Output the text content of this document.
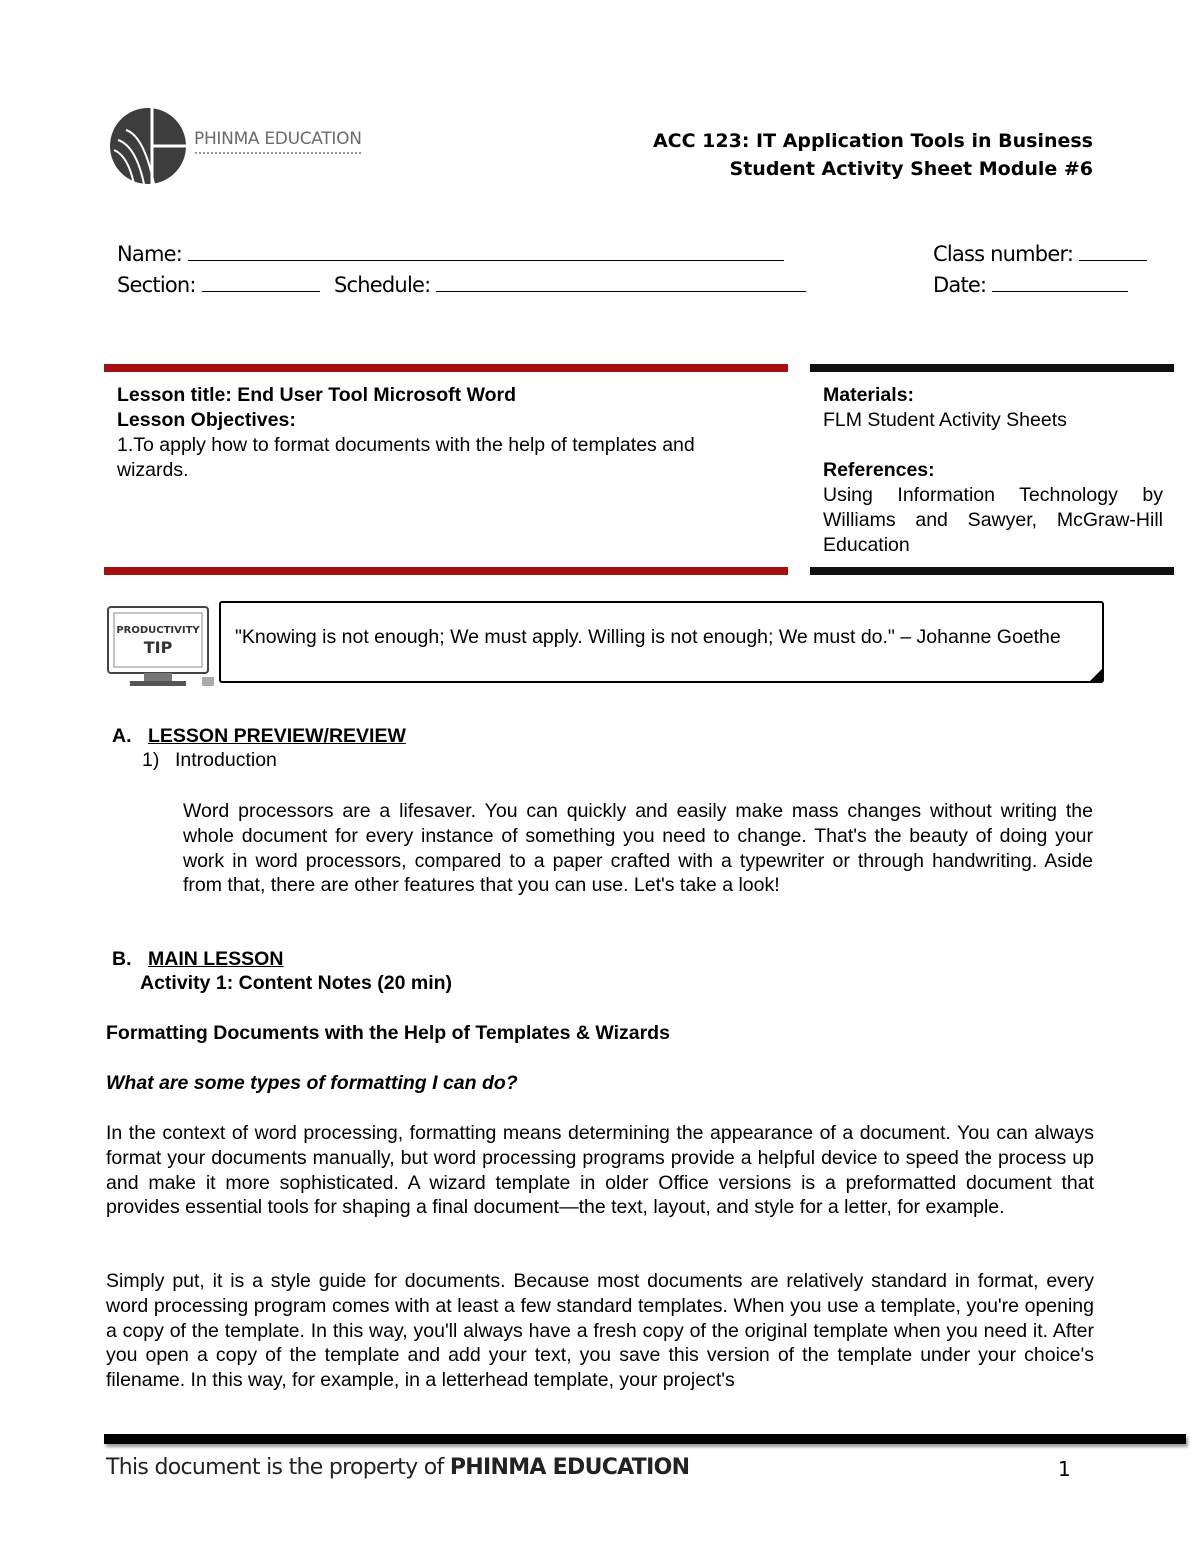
PHINMA EDUCATION	ACC 123: IT Application Tools in Business
Student Activity Sheet Module #6
Name:	Class number:
Section:	Schedule:	Date:
Lesson title: End User Tool Microsoft Word
Lesson Objectives:
1.To apply how to format documents with the help of templates and
wizards.
Materials:
FLM Student Activity Sheets
References:
Using Information Technology by
Williams and Sawyer, McGraw-Hill
Education
PRODUCTIVITY
TIP	"Knowing is not enough; We must apply. Willing is not enough; We must do." – Johanne Goethe
A. LESSON PREVIEW/REVIEW
1) Introduction
Word processors are a lifesaver. You can quickly and easily make mass changes without writing the whole document for every instance of something you need to change. That's the beauty of doing your work in word processors, compared to a paper crafted with a typewriter or through handwriting. Aside from that, there are other features that you can use. Let's take a look!
B. MAIN LESSON
Activity 1: Content Notes (20 min)
Formatting Documents with the Help of Templates & Wizards
What are some types of formatting I can do?
In the context of word processing, formatting means determining the appearance of a document. You can always format your documents manually, but word processing programs provide a helpful device to speed the process up and make it more sophisticated. A wizard template in older Office versions is a preformatted document that provides essential tools for shaping a final document—the text, layout, and style for a letter, for example.
Simply put, it is a style guide for documents. Because most documents are relatively standard in format, every word processing program comes with at least a few standard templates. When you use a template, you're opening a copy of the template. In this way, you'll always have a fresh copy of the original template when you need it. After you open a copy of the template and add your text, you save this version of the template under your choice's filename. In this way, for example, in a letterhead template, your project's
This document is the property of PHINMA EDUCATION	1
